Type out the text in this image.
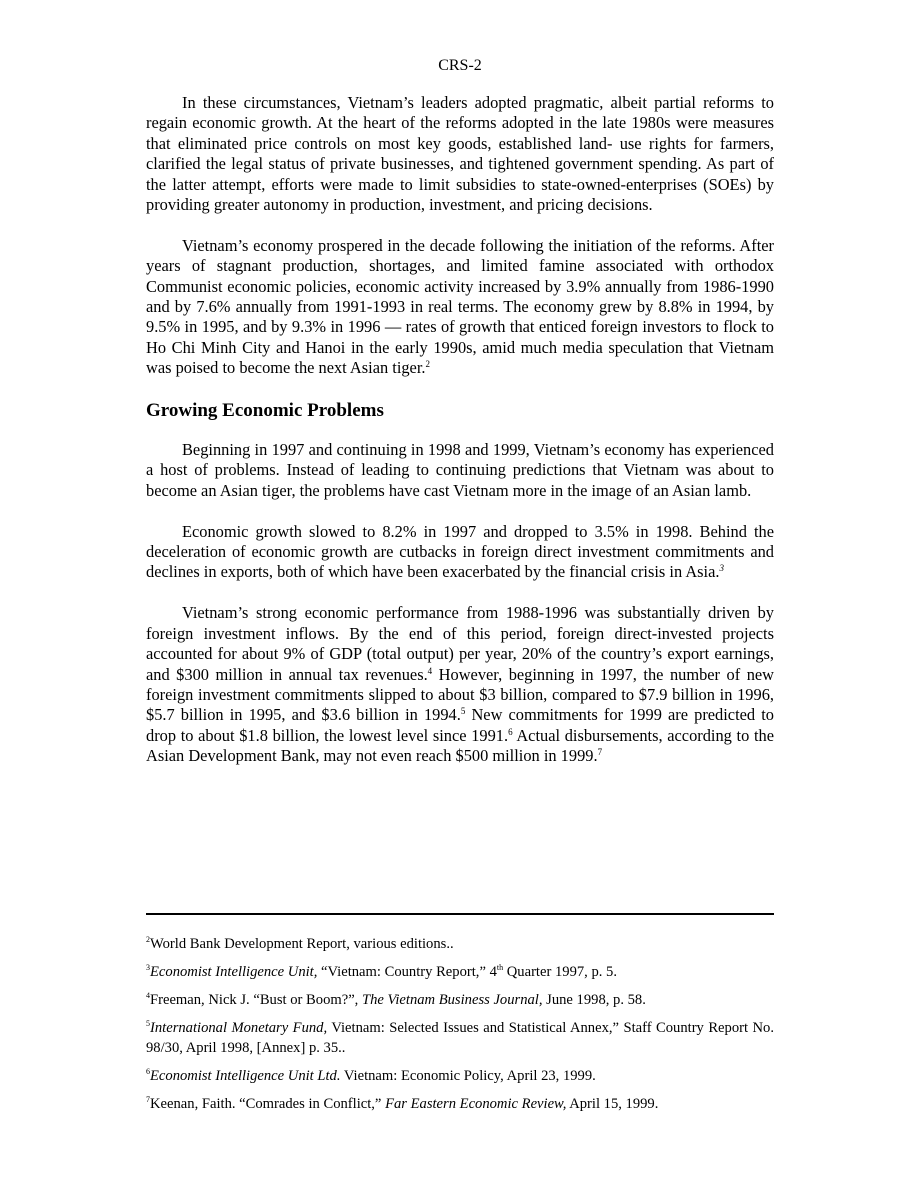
CRS-2

In these circumstances, Vietnam’s leaders adopted pragmatic, albeit partial reforms to regain economic growth. At the heart of the reforms adopted in the late 1980s were measures that eliminated price controls on most key goods, established land- use rights for farmers, clarified the legal status of private businesses, and tightened government spending. As part of the latter attempt, efforts were made to limit subsidies to state-owned-enterprises (SOEs) by providing greater autonomy in production, investment, and pricing decisions.

Vietnam’s economy prospered in the decade following the initiation of the reforms. After years of stagnant production, shortages, and limited famine associated with orthodox Communist economic policies, economic activity increased by 3.9% annually from 1986-1990 and by 7.6% annually from 1991-1993 in real terms. The economy grew by 8.8% in 1994, by 9.5% in 1995, and by 9.3% in 1996 — rates of growth that enticed foreign investors to flock to Ho Chi Minh City and Hanoi in the early 1990s, amid much media speculation that Vietnam was poised to become the next Asian tiger.$^2$

Growing Economic Problems

Beginning in 1997 and continuing in 1998 and 1999, Vietnam’s economy has experienced a host of problems. Instead of leading to continuing predictions that Vietnam was about to become an Asian tiger, the problems have cast Vietnam more in the image of an Asian lamb.

Economic growth slowed to 8.2% in 1997 and dropped to 3.5% in 1998. Behind the deceleration of economic growth are cutbacks in foreign direct investment commitments and declines in exports, both of which have been exacerbated by the financial crisis in Asia.$^3$

Vietnam’s strong economic performance from 1988-1996 was substantially driven by foreign investment inflows. By the end of this period, foreign direct-invested projects accounted for about 9% of GDP (total output) per year, 20% of the country’s export earnings, and $300 million in annual tax revenues.$^4$ However, beginning in 1997, the number of new foreign investment commitments slipped to about $3 billion, compared to $7.9 billion in 1996, $5.7 billion in 1995, and $3.6 billion in 1994.$^5$ New commitments for 1999 are predicted to drop to about $1.8 billion, the lowest level since 1991.$^6$ Actual disbursements, according to the Asian Development Bank, may not even reach $500 million in 1999.$^7$

$^2$World Bank Development Report, various editions..

$^3$Economist Intelligence Unit, “Vietnam: Country Report,” 4th Quarter 1997, p. 5.

$^4$Freeman, Nick J. “Bust or Boom?”, The Vietnam Business Journal, June 1998, p. 58.

$^5$International Monetary Fund, Vietnam: Selected Issues and Statistical Annex,” Staff Country Report No. 98/30, April 1998, [Annex] p. 35..

$^6$Economist Intelligence Unit Ltd. Vietnam: Economic Policy, April 23, 1999.

$^7$Keenan, Faith. “Comrades in Conflict,” Far Eastern Economic Review, April 15, 1999.
